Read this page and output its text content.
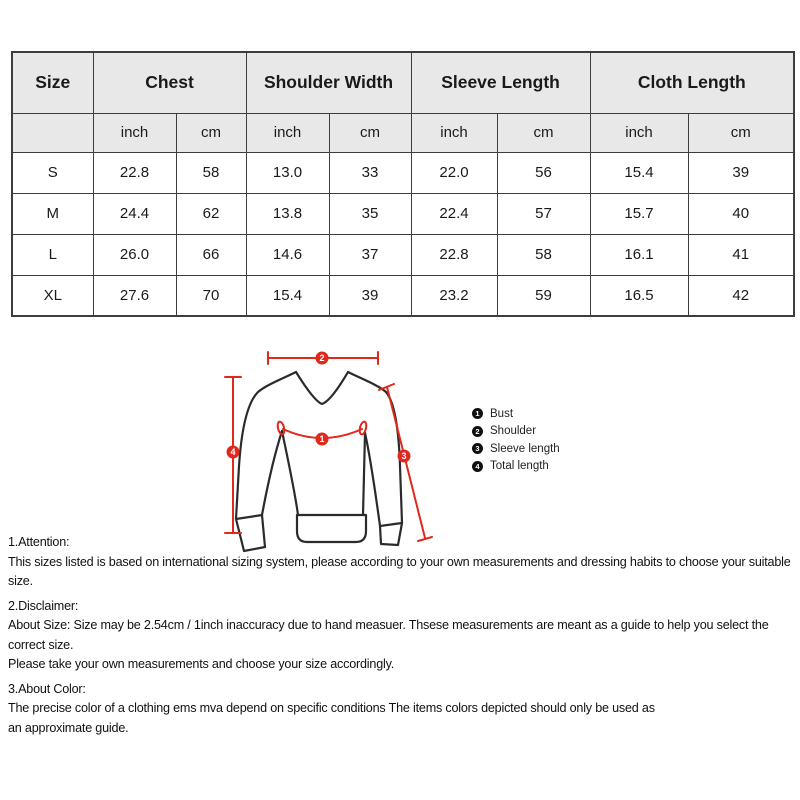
Size	Chest		Shoulder Width		Sleeve Length		Cloth Length	
	inch	cm	inch	cm	inch	cm	inch	cm
S	22.8	58	13.0	33	22.0	56	15.4	39
M	24.4	62	13.8	35	22.4	57	15.7	40
L	26.0	66	14.6	37	22.8	58	16.1	41
XL	27.6	70	15.4	39	23.2	59	16.5	42
1
2
3
4
1 Bust
2 Shoulder
3 Sleeve length
4 Total length
1.Attention:
This sizes listed is based on international sizing system, please according to your own measurements and dressing habits to choose your suitable size.
2.Disclaimer:
About Size: Size may be 2.54cm / 1inch inaccuracy due to hand measuer. Thsese measurements are meant as a guide to help you select the correct size.
Please take your own measurements and choose your size accordingly.
3.About Color:
The precise color of a clothing ems mva depend on specific conditions The items colors depicted should only be used as
an approximate guide.
